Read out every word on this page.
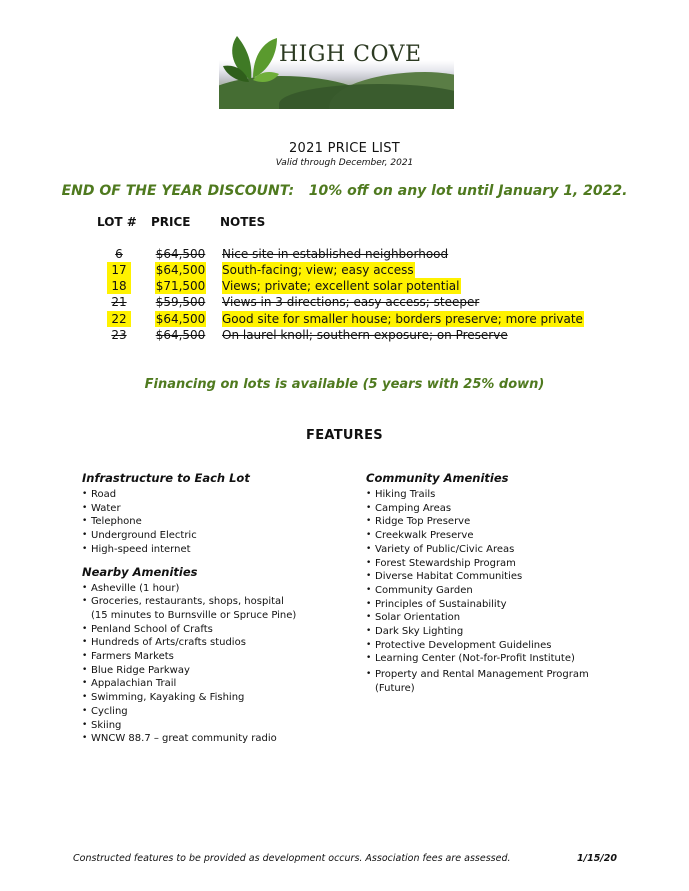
HIGH COVE
2021 PRICE LIST
Valid through December, 2021
END OF THE YEAR DISCOUNT:   10% off on any lot until January 1, 2022.
LOT # PRICE NOTES
6	$64,500 Nice site in established neighborhood
17	$64,500 South-facing; view; easy access
18	$71,500 Views; private; excellent solar potential
21	$59,500 Views in 3 directions; easy access; steeper
22	$64,500 Good site for smaller house; borders preserve; more private
23	$64,500 On laurel knoll; southern exposure; on Preserve
Financing on lots is available (5 years with 25% down)
FEATURES
Infrastructure to Each Lot
• Road
• Water
• Telephone
• Underground Electric
• High-speed internet
Nearby Amenities
• Asheville (1 hour)
• Groceries, restaurants, shops, hospital
(15 minutes to Burnsville or Spruce Pine)
• Penland School of Crafts
• Hundreds of Arts/crafts studios
• Farmers Markets
• Blue Ridge Parkway
• Appalachian Trail
• Swimming, Kayaking & Fishing
• Cycling
• Skiing
• WNCW 88.7 – great community radio
Community Amenities
• Hiking Trails
• Camping Areas
• Ridge Top Preserve
• Creekwalk Preserve
• Variety of Public/Civic Areas
• Forest Stewardship Program
• Diverse Habitat Communities
• Community Garden
• Principles of Sustainability
• Solar Orientation
• Dark Sky Lighting
• Protective Development Guidelines
• Learning Center (Not-for-Profit Institute)
• Property and Rental Management Program
(Future)
Constructed features to be provided as development occurs. Association fees are assessed.	1/15/20
